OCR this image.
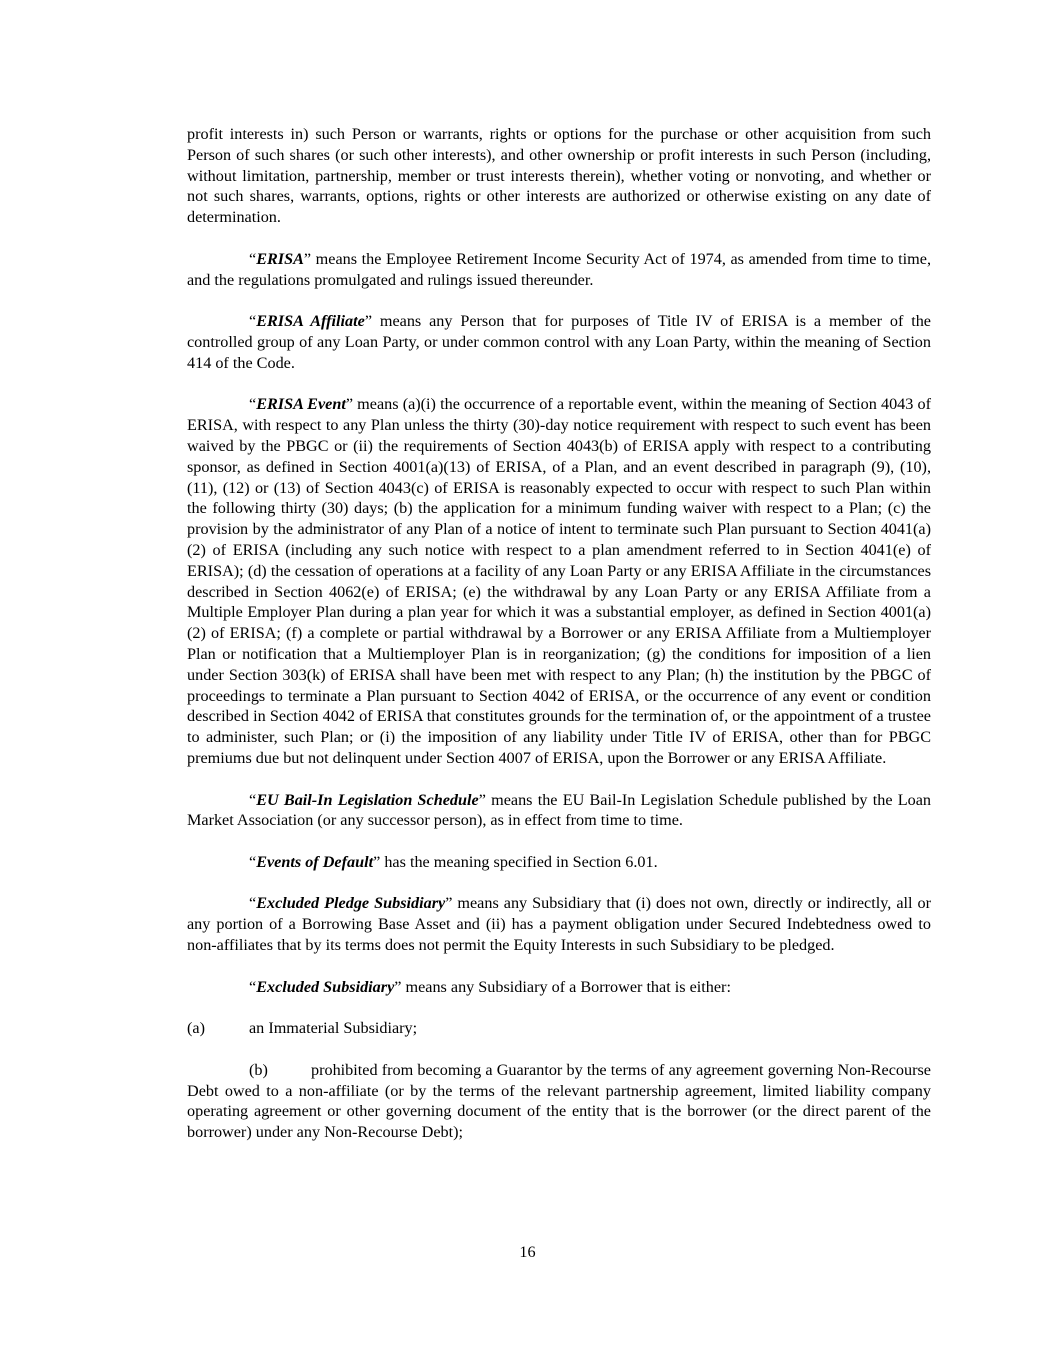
profit interests in) such Person or warrants, rights or options for the purchase or other acquisition from such Person of such shares (or such other interests), and other ownership or profit interests in such Person (including, without limitation, partnership, member or trust interests therein), whether voting or nonvoting, and whether or not such shares, warrants, options, rights or other interests are authorized or otherwise existing on any date of determination.

“ERISA” means the Employee Retirement Income Security Act of 1974, as amended from time to time, and the regulations promulgated and rulings issued thereunder.

“ERISA Affiliate” means any Person that for purposes of Title IV of ERISA is a member of the controlled group of any Loan Party, or under common control with any Loan Party, within the meaning of Section 414 of the Code.

“ERISA Event” means (a)(i) the occurrence of a reportable event, within the meaning of Section 4043 of ERISA, with respect to any Plan unless the thirty (30)-day notice requirement with respect to such event has been waived by the PBGC or (ii) the requirements of Section 4043(b) of ERISA apply with respect to a contributing sponsor, as defined in Section 4001(a)(13) of ERISA, of a Plan, and an event described in paragraph (9), (10), (11), (12) or (13) of Section 4043(c) of ERISA is reasonably expected to occur with respect to such Plan within the following thirty (30) days; (b) the application for a minimum funding waiver with respect to a Plan; (c) the provision by the administrator of any Plan of a notice of intent to terminate such Plan pursuant to Section 4041(a)(2) of ERISA (including any such notice with respect to a plan amendment referred to in Section 4041(e) of ERISA); (d) the cessation of operations at a facility of any Loan Party or any ERISA Affiliate in the circumstances described in Section 4062(e) of ERISA; (e) the withdrawal by any Loan Party or any ERISA Affiliate from a Multiple Employer Plan during a plan year for which it was a substantial employer, as defined in Section 4001(a)(2) of ERISA; (f) a complete or partial withdrawal by a Borrower or any ERISA Affiliate from a Multiemployer Plan or notification that a Multiemployer Plan is in reorganization; (g) the conditions for imposition of a lien under Section 303(k) of ERISA shall have been met with respect to any Plan; (h) the institution by the PBGC of proceedings to terminate a Plan pursuant to Section 4042 of ERISA, or the occurrence of any event or condition described in Section 4042 of ERISA that constitutes grounds for the termination of, or the appointment of a trustee to administer, such Plan; or (i) the imposition of any liability under Title IV of ERISA, other than for PBGC premiums due but not delinquent under Section 4007 of ERISA, upon the Borrower or any ERISA Affiliate.

“EU Bail-In Legislation Schedule” means the EU Bail-In Legislation Schedule published by the Loan Market Association (or any successor person), as in effect from time to time.

“Events of Default” has the meaning specified in Section 6.01.

“Excluded Pledge Subsidiary” means any Subsidiary that (i) does not own, directly or indirectly, all or any portion of a Borrowing Base Asset and (ii) has a payment obligation under Secured Indebtedness owed to non-affiliates that by its terms does not permit the Equity Interests in such Subsidiary to be pledged.

“Excluded Subsidiary” means any Subsidiary of a Borrower that is either:

(a)	an Immaterial Subsidiary;

(b)	prohibited from becoming a Guarantor by the terms of any agreement governing Non-Recourse Debt owed to a non-affiliate (or by the terms of the relevant partnership agreement, limited liability company operating agreement or other governing document of the entity that is the borrower (or the direct parent of the borrower) under any Non-Recourse Debt);

16
